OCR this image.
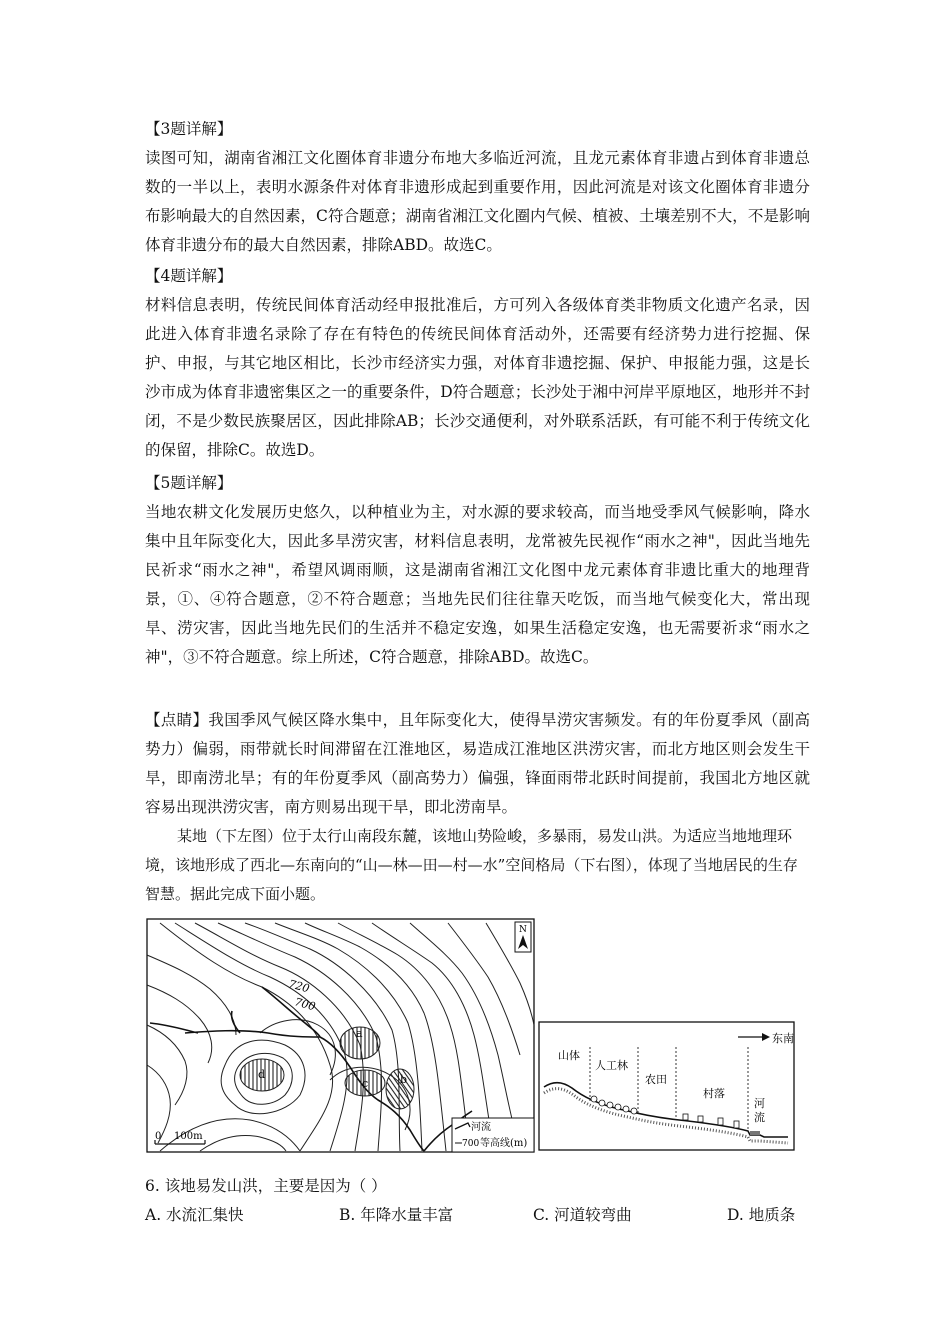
【3题详解】

读图可知，湖南省湘江文化圈体育非遗分布地大多临近河流，且龙元素体育非遗占到体育非遗总数的一半以上，表明水源条件对体育非遗形成起到重要作用，因此河流是对该文化圈体育非遗分布影响最大的自然因素，C符合题意；湖南省湘江文化圈内气候、植被、土壤差别不大，不是影响体育非遗分布的最大自然因素，排除ABD。故选C。

【4题详解】

材料信息表明，传统民间体育活动经申报批准后，方可列入各级体育类非物质文化遗产名录，因此进入体育非遗名录除了存在有特色的传统民间体育活动外，还需要有经济势力进行挖掘、保护、申报，与其它地区相比，长沙市经济实力强，对体育非遗挖掘、保护、申报能力强，这是长沙市成为体育非遗密集区之一的重要条件，D符合题意；长沙处于湘中河岸平原地区，地形并不封闭，不是少数民族聚居区，因此排除AB；长沙交通便利，对外联系活跃，有可能不利于传统文化的保留，排除C。故选D。

【5题详解】

当地农耕文化发展历史悠久，以种植业为主，对水源的要求较高，而当地受季风气候影响，降水集中且年际变化大，因此多旱涝灾害，材料信息表明，龙常被先民视作“雨水之神"，因此当地先民祈求“雨水之神"，希望风调雨顺，这是湖南省湘江文化图中龙元素体育非遗比重大的地理背景，①、④符合题意，②不符合题意；当地先民们往往靠天吃饭，而当地气候变化大，常出现旱、涝灾害，因此当地先民们的生活并不稳定安逸，如果生活稳定安逸，也无需要祈求“雨水之神"，③不符合题意。综上所述，C符合题意，排除ABD。故选C。

【点睛】我国季风气候区降水集中，且年际变化大，使得旱涝灾害频发。有的年份夏季风（副高势力）偏弱，雨带就长时间滞留在江淮地区，易造成江淮地区洪涝灾害，而北方地区则会发生干旱，即南涝北旱；有的年份夏季风（副高势力）偏强，锋面雨带北跃时间提前，我国北方地区就容易出现洪涝灾害，南方则易出现干旱，即北涝南旱。

某地（下左图）位于太行山南段东麓，该地山势险峻，多暴雨，易发山洪。为适应当地地理环境，该地形成了西北—东南向的“山—林—田—村—水”空间格局（下右图），体现了当地居民的生存智慧。据此完成下面小题。

a
b
c
d
720
700
N
0 100m
河流
700 等高线(m)
东南
山体
人工林
农田
村落
河
流
6. 该地易发山洪，主要是因为（ ）
A. 水流汇集快	B. 年降水量丰富	C. 河道较弯曲	D. 地质条
